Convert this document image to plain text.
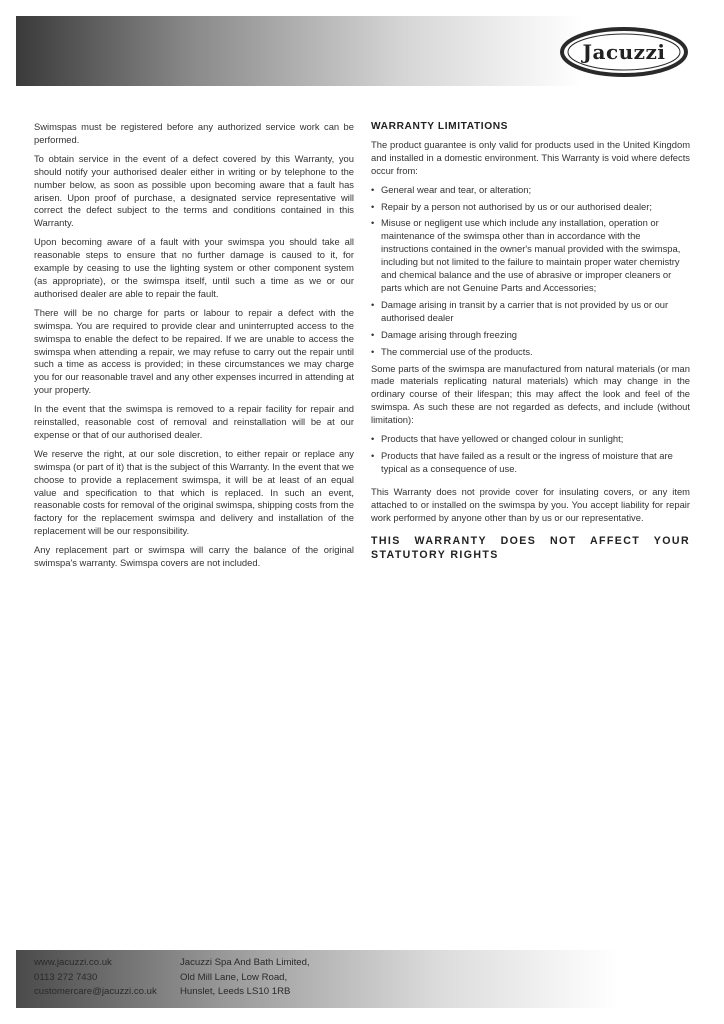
Jacuzzi

Swimspas must be registered before any authorized service work can be performed.

To obtain service in the event of a defect covered by this Warranty, you should notify your authorised dealer either in writing or by telephone to the number below, as soon as possible upon becoming aware that a fault has arisen. Upon proof of purchase, a designated service representative will correct the defect subject to the terms and conditions contained in this Warranty.

Upon becoming aware of a fault with your swimspa you should take all reasonable steps to ensure that no further damage is caused to it, for example by ceasing to use the lighting system or other component system (as appropriate), or the swimspa itself, until such a time as we or our authorised dealer are able to repair the fault.

There will be no charge for parts or labour to repair a defect with the swimspa. You are required to provide clear and uninterrupted access to the swimspa to enable the defect to be repaired. If we are unable to access the swimspa when attending a repair, we may refuse to carry out the repair until such a time as access is provided; in these circumstances we may charge you for our reasonable travel and any other expenses incurred in attending at your property.

In the event that the swimspa is removed to a repair facility for repair and reinstalled, reasonable cost of removal and reinstallation will be at our expense or that of our authorised dealer.

We reserve the right, at our sole discretion, to either repair or replace any swimspa (or part of it) that is the subject of this Warranty. In the event that we choose to provide a replacement swimspa, it will be at least of an equal value and specification to that which is replaced. In such an event, reasonable costs for removal of the original swimspa, shipping costs from the factory for the replacement swimspa and delivery and installation of the replacement will be our responsibility.

Any replacement part or swimspa will carry the balance of the original swimspa's warranty. Swimspa covers are not included.

WARRANTY LIMITATIONS

The product guarantee is only valid for products used in the United Kingdom and installed in a domestic environment. This Warranty is void where defects occur from:

• General wear and tear, or alteration;
• Repair by a person not authorised by us or our authorised dealer;
• Misuse or negligent use which include any installation, operation or maintenance of the swimspa other than in accordance with the instructions contained in the owner's manual provided with the swimspa, including but not limited to the failure to maintain proper water chemistry and chemical balance and the use of abrasive or improper cleaners or parts which are not Genuine Parts and Accessories;
• Damage arising in transit by a carrier that is not provided by us or our authorised dealer
• Damage arising through freezing
• The commercial use of the products.

Some parts of the swimspa are manufactured from natural materials (or man made materials replicating natural materials) which may change in the ordinary course of their lifespan; this may affect the look and feel of the swimspa. As such these are not regarded as defects, and include (without limitation):

• Products that have yellowed or changed colour in sunlight;
• Products that have failed as a result or the ingress of moisture that are typical as a consequence of use.

This Warranty does not provide cover for insulating covers, or any item attached to or installed on the swimspa by you. You accept liability for repair work performed by anyone other than by us or our representative.

THIS WARRANTY DOES NOT AFFECT YOUR STATUTORY RIGHTS
www.jacuzzi.co.uk
0113 272 7430
customercare@jacuzzi.co.uk
Jacuzzi Spa And Bath Limited,
Old Mill Lane, Low Road,
Hunslet, Leeds LS10 1RB
